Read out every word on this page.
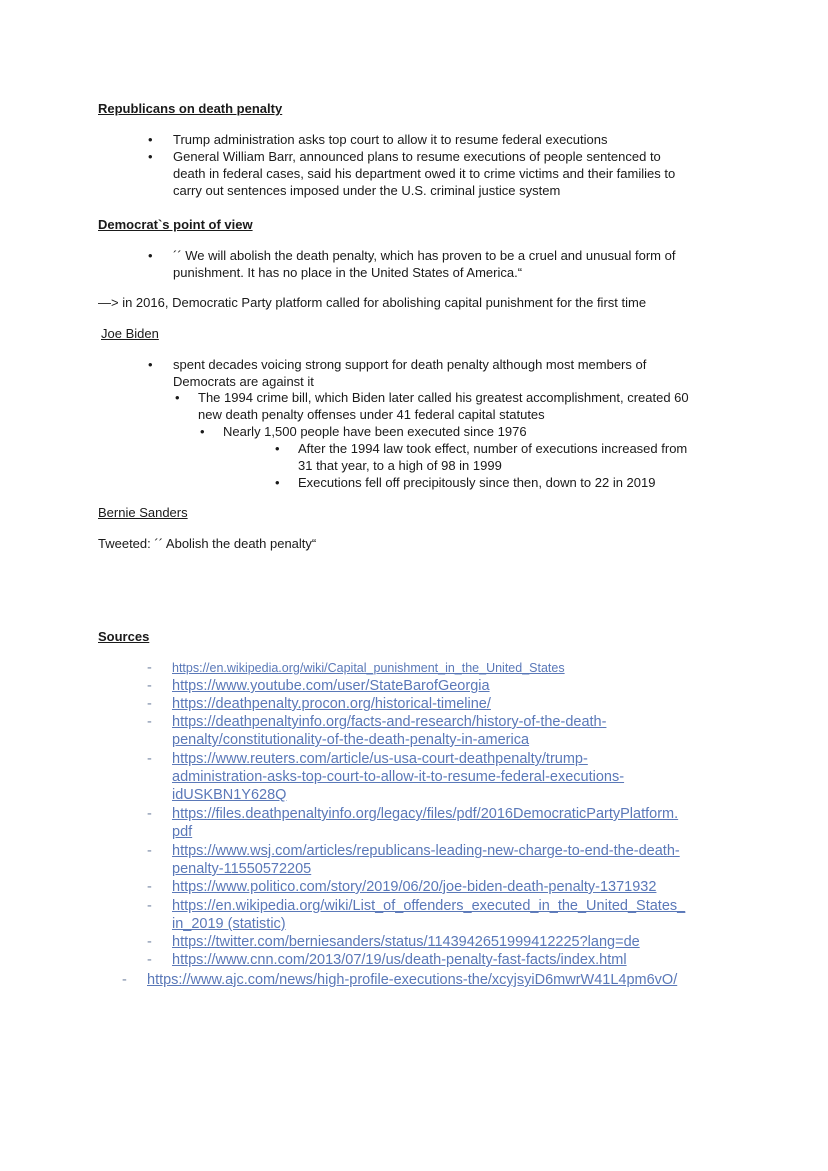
Republicans on death penalty
• Trump administration asks top court to allow it to resume federal executions
• General William Barr, announced plans to resume executions of people sentenced to
death in federal cases, said his department owed it to crime victims and their families to
carry out sentences imposed under the U.S. criminal justice system
Democrat`s point of view
• ´´ We will abolish the death penalty, which has proven to be a cruel and unusual form of
punishment. It has no place in the United States of America.“
—> in 2016, Democratic Party platform called for abolishing capital punishment for the first time
Joe Biden
• spent decades voicing strong support for death penalty although most members of
Democrats are against it
• The 1994 crime bill, which Biden later called his greatest accomplishment, created 60
new death penalty offenses under 41 federal capital statutes
• Nearly 1,500 people have been executed since 1976
• After the 1994 law took effect, number of executions increased from
31 that year, to a high of 98 in 1999
• Executions fell off precipitously since then, down to 22 in 2019
Bernie Sanders
Tweeted: ´´ Abolish the death penalty“
Sources
- https://en.wikipedia.org/wiki/Capital_punishment_in_the_United_States
- https://www.youtube.com/user/StateBarofGeorgia
- https://deathpenalty.procon.org/historical-timeline/
- https://deathpenaltyinfo.org/facts-and-research/history-of-the-death-
penalty/constitutionality-of-the-death-penalty-in-america
- https://www.reuters.com/article/us-usa-court-deathpenalty/trump-
administration-asks-top-court-to-allow-it-to-resume-federal-executions-
idUSKBN1Y628Q
- https://files.deathpenaltyinfo.org/legacy/files/pdf/2016DemocraticPartyPlatform.
pdf
- https://www.wsj.com/articles/republicans-leading-new-charge-to-end-the-death-
penalty-11550572205
- https://www.politico.com/story/2019/06/20/joe-biden-death-penalty-1371932
- https://en.wikipedia.org/wiki/List_of_offenders_executed_in_the_United_States_
in_2019 (statistic)
- https://twitter.com/berniesanders/status/1143942651999412225?lang=de
- https://www.cnn.com/2013/07/19/us/death-penalty-fast-facts/index.html
- https://www.ajc.com/news/high-profile-executions-the/xcyjsyiD6mwrW41L4pm6vO/
